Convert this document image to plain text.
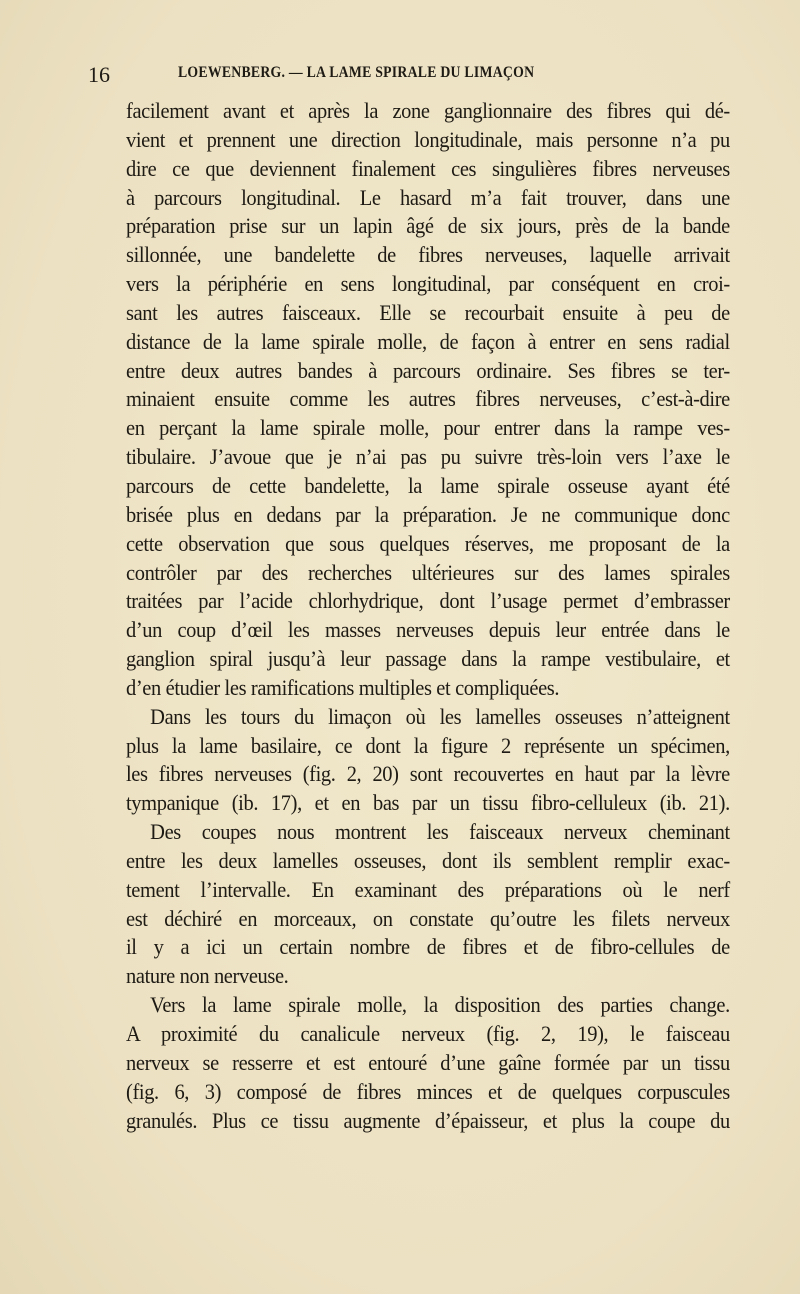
16	LOEWENBERG. — LA LAME SPIRALE DU LIMAÇON
facilement avant et après la zone ganglionnaire des fibres qui dé-
vient et prennent une direction longitudinale, mais personne n’a pu
dire ce que deviennent finalement ces singulières fibres nerveuses
à parcours longitudinal. Le hasard m’a fait trouver, dans une
préparation prise sur un lapin âgé de six jours, près de la bande
sillonnée, une bandelette de fibres nerveuses, laquelle arrivait
vers la périphérie en sens longitudinal, par conséquent en croi-
sant les autres faisceaux. Elle se recourbait ensuite à peu de
distance de la lame spirale molle, de façon à entrer en sens radial
entre deux autres bandes à parcours ordinaire. Ses fibres se ter-
minaient ensuite comme les autres fibres nerveuses, c’est-à-dire
en perçant la lame spirale molle, pour entrer dans la rampe ves-
tibulaire. J’avoue que je n’ai pas pu suivre très-loin vers l’axe le
parcours de cette bandelette, la lame spirale osseuse ayant été
brisée plus en dedans par la préparation. Je ne communique donc
cette observation que sous quelques réserves, me proposant de la
contrôler par des recherches ultérieures sur des lames spirales
traitées par l’acide chlorhydrique, dont l’usage permet d’embrasser
d’un coup d’œil les masses nerveuses depuis leur entrée dans le
ganglion spiral jusqu’à leur passage dans la rampe vestibulaire, et
d’en étudier les ramifications multiples et compliquées.
Dans les tours du limaçon où les lamelles osseuses n’atteignent
plus la lame basilaire, ce dont la figure 2 représente un spécimen,
les fibres nerveuses (fig. 2, 20) sont recouvertes en haut par la lèvre
tympanique (ib. 17), et en bas par un tissu fibro-celluleux (ib. 21).
Des coupes nous montrent les faisceaux nerveux cheminant
entre les deux lamelles osseuses, dont ils semblent remplir exac-
tement l’intervalle. En examinant des préparations où le nerf
est déchiré en morceaux, on constate qu’outre les filets nerveux
il y a ici un certain nombre de fibres et de fibro-cellules de
nature non nerveuse.
Vers la lame spirale molle, la disposition des parties change.
A proximité du canalicule nerveux (fig. 2, 19), le faisceau
nerveux se resserre et est entouré d’une gaîne formée par un tissu
(fig. 6, 3) composé de fibres minces et de quelques corpuscules
granulés. Plus ce tissu augmente d’épaisseur, et plus la coupe du
